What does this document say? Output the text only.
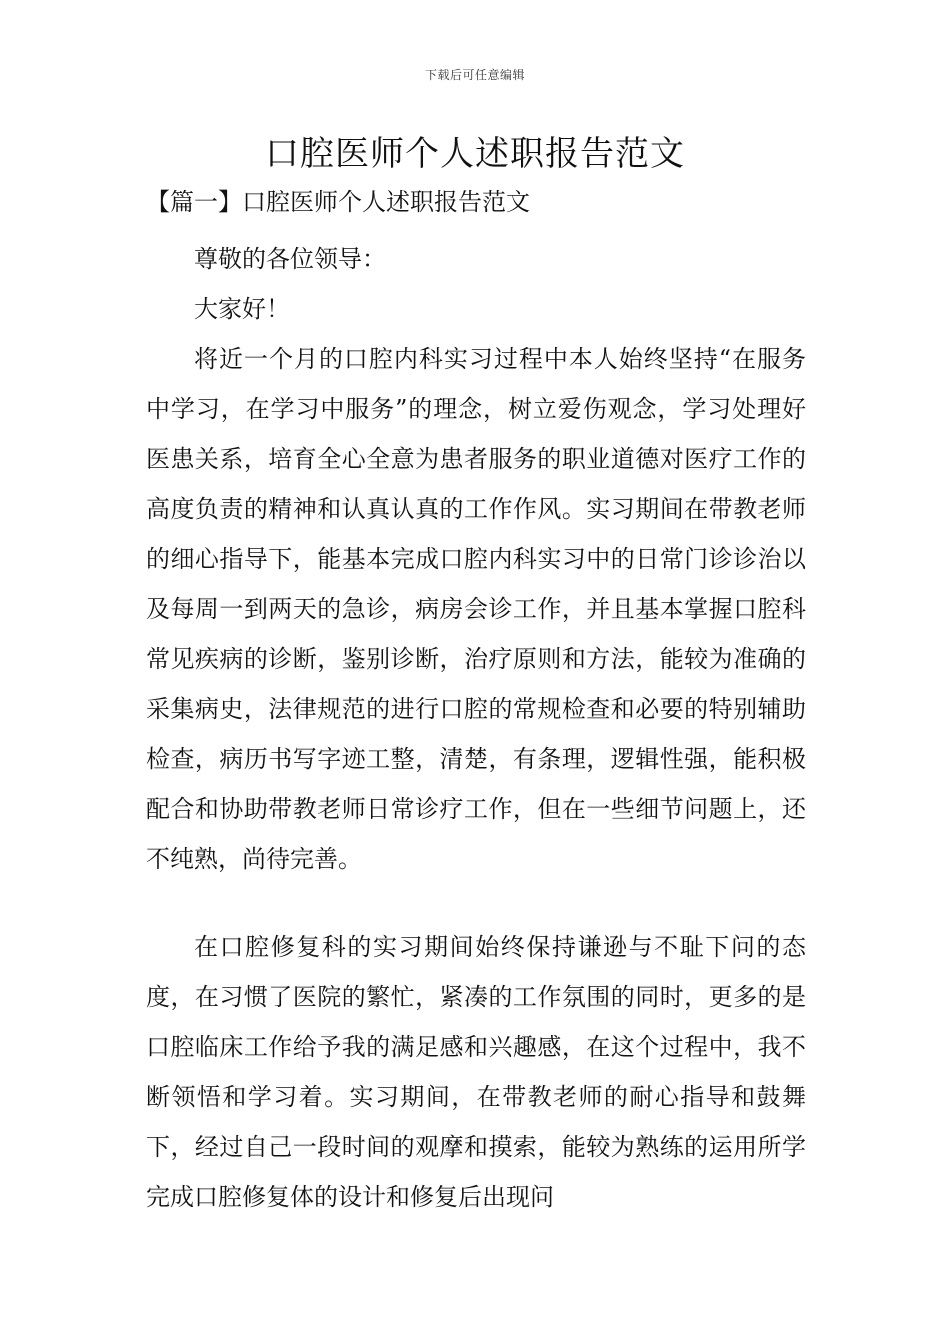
下载后可任意编辑
口腔医师个人述职报告范文
【篇一】口腔医师个人述职报告范文
尊敬的各位领导：
大家好！

将近一个月的口腔内科实习过程中本人始终坚持“在服务中学习，在学习中服务”的理念，树立爱伤观念，学习处理好医患关系，培育全心全意为患者服务的职业道德对医疗工作的高度负责的精神和认真认真的工作作风。实习期间在带教老师的细心指导下，能基本完成口腔内科实习中的日常门诊诊治以及每周一到两天的急诊，病房会诊工作，并且基本掌握口腔科常见疾病的诊断，鉴别诊断，治疗原则和方法，能较为准确的采集病史，法律规范的进行口腔的常规检查和必要的特别辅助检查，病历书写字迹工整，清楚，有条理，逻辑性强，能积极配合和协助带教老师日常诊疗工作，但在一些细节问题上，还不纯熟，尚待完善。

在口腔修复科的实习期间始终保持谦逊与不耻下问的态度，在习惯了医院的繁忙，紧凑的工作氛围的同时，更多的是口腔临床工作给予我的满足感和兴趣感，在这个过程中，我不断领悟和学习着。实习期间，在带教老师的耐心指导和鼓舞下，经过自己一段时间的观摩和摸索，能较为熟练的运用所学完成口腔修复体的设计和修复后出现问
